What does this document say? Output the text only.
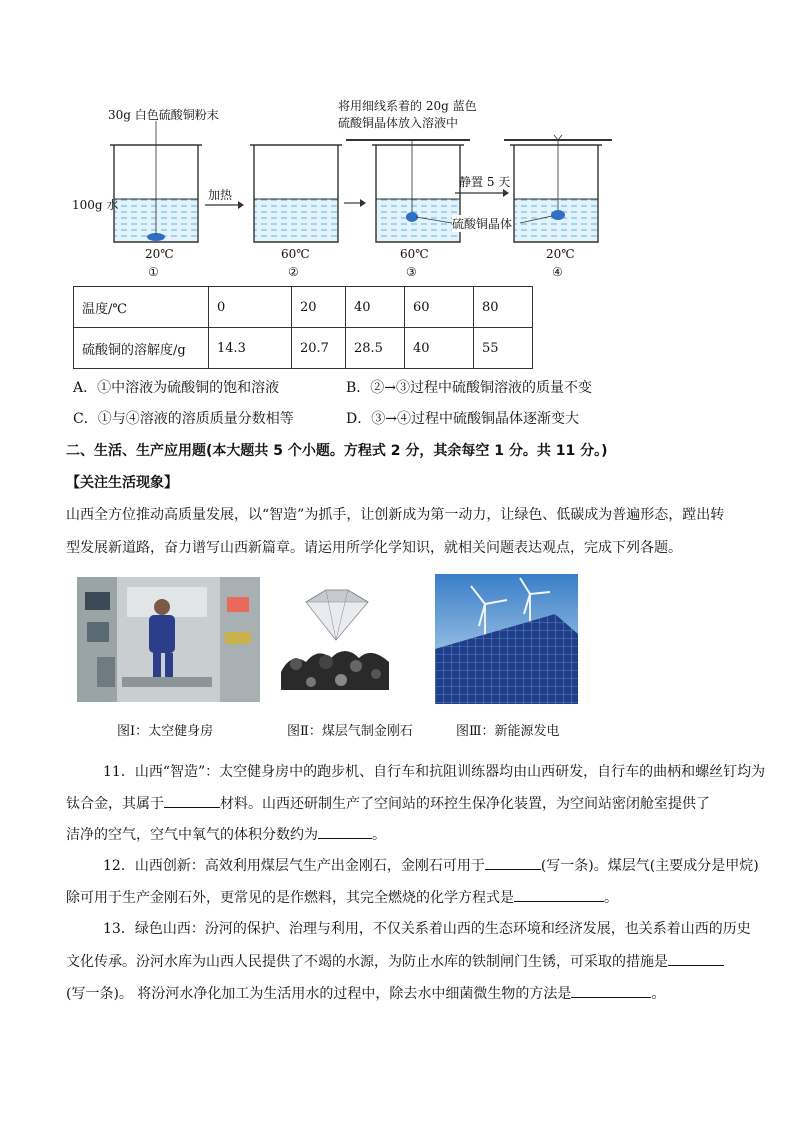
30g 白色硫酸铜粉末
100g 水
加热
将用细线系着的 20g 蓝色
硫酸铜晶体放入溶液中
静置 5 天
硫酸铜晶体
20℃
①
60℃
②
60℃
③
20℃
④
温度/℃	0	20	40	60	80
硫酸铜的溶解度/g	14.3	20.7	28.5	40	55
A．①中溶液为硫酸铜的饱和溶液	B．②→③过程中硫酸铜溶液的质量不变
C．①与④溶液的溶质质量分数相等	D．③→④过程中硫酸铜晶体逐渐变大
二、生活、生产应用题(本大题共 5 个小题。方程式 2 分，其余每空 1 分。共 11 分。)
【关注生活现象】
山西全方位推动高质量发展，以“智造”为抓手，让创新成为第一动力，让绿色、低碳成为普遍形态，蹚出转
型发展新道路，奋力谱写山西新篇章。请运用所学化学知识，就相关问题表达观点，完成下列各题。
图Ⅰ：太空健身房	图Ⅱ：煤层气制金刚石	图Ⅲ：新能源发电
11．山西“智造”：太空健身房中的跑步机、自行车和抗阻训练器均由山西研发，自行车的曲柄和螺丝钉均为
钛合金，其属于	材料。山西还研制生产了空间站的环控生保净化装置，为空间站密闭舱室提供了
洁净的空气，空气中氧气的体积分数约为	。
12．山西创新：高效利用煤层气生产出金刚石，金刚石可用于	(写一条)。煤层气(主要成分是甲烷)
除可用于生产金刚石外，更常见的是作燃料，其完全燃烧的化学方程式是	。
13．绿色山西：汾河的保护、治理与利用，不仅关系着山西的生态环境和经济发展，也关系着山西的历史
文化传承。汾河水库为山西人民提供了不竭的水源，为防止水库的铁制闸门生锈，可采取的措施是
(写一条)。 将汾河水净化加工为生活用水的过程中，除去水中细菌微生物的方法是	。
